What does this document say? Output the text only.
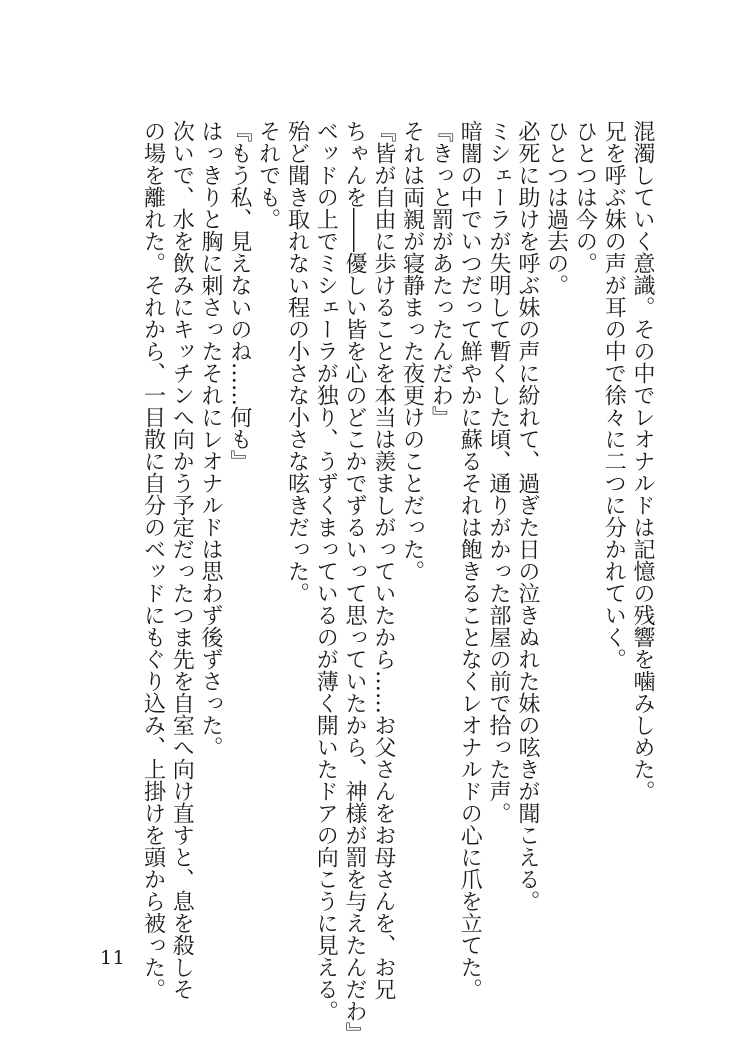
混濁していく意識。その中でレオナルドは記憶の残響を噛みしめた。
兄を呼ぶ妹の声が耳の中で徐々に二つに分かれていく。
ひとつは今の。
ひとつは過去の。
必死に助けを呼ぶ妹の声に紛れて、過ぎた日の泣きぬれた妹の呟きが聞こえる。
ミシェーラが失明して暫くした頃、通りがかった部屋の前で拾った声。
暗闇の中でいつだって鮮やかに蘇るそれは飽きることなくレオナルドの心に爪を立てた。
『きっと罰があたったんだわ』
それは両親が寝静まった夜更けのことだった。
『皆が自由に歩けることを本当は羨ましがっていたから……お父さんをお母さんを、お兄
ちゃんを――優しい皆を心のどこかでずるいって思っていたから、神様が罰を与えたんだわ』
ベッドの上でミシェーラが独り、うずくまっているのが薄く開いたドアの向こうに見える。
殆ど聞き取れない程の小さな小さな呟きだった。
それでも。
『もう私、見えないのね……何も』
はっきりと胸に刺さったそれにレオナルドは思わず後ずさった。
次いで、水を飲みにキッチンへ向かう予定だったつま先を自室へ向け直すと、息を殺しそ
の場を離れた。それから、一目散に自分のベッドにもぐり込み、上掛けを頭から被った。
11
